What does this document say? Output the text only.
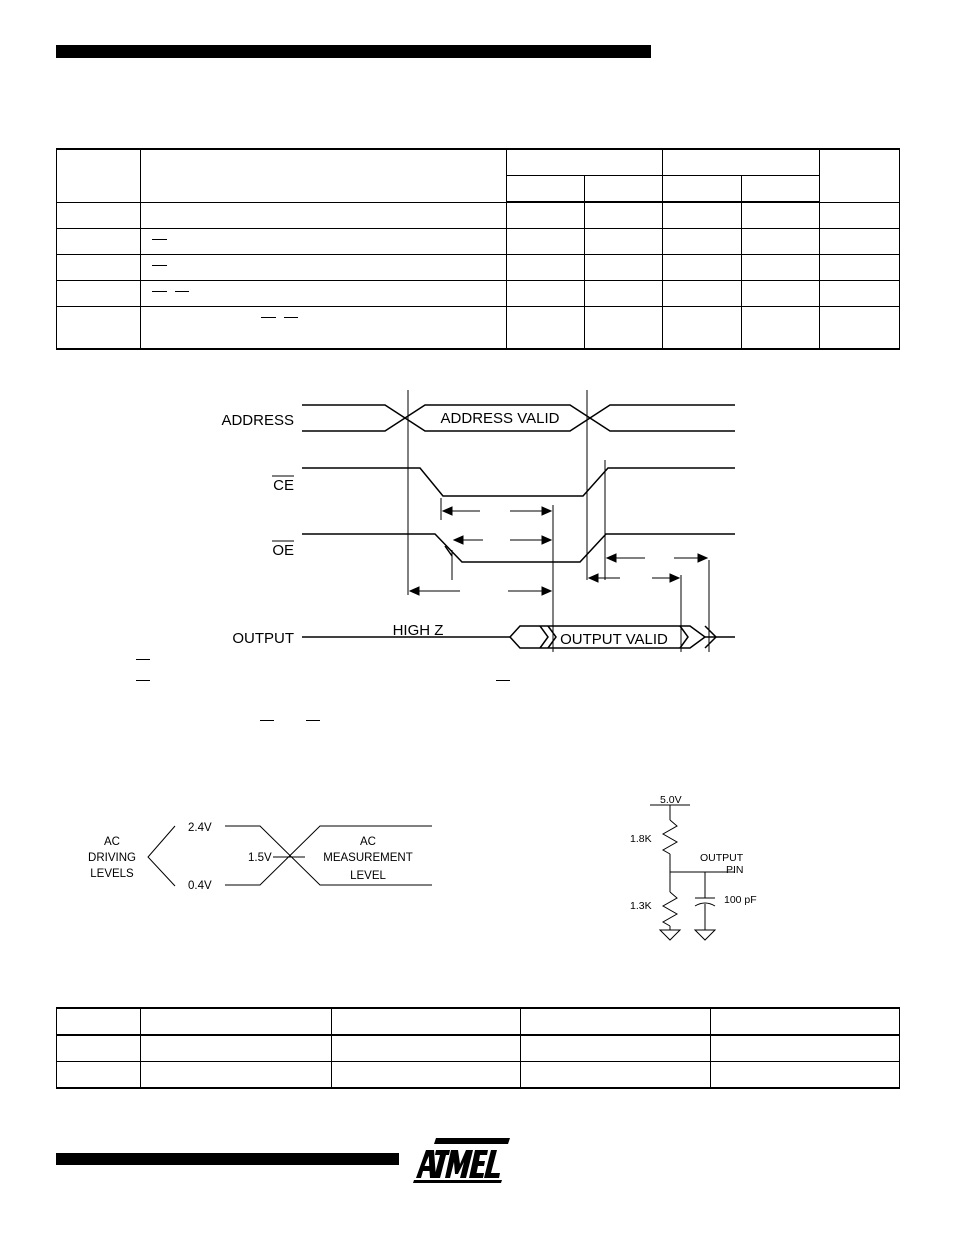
ADDRESS	ADDRESS VALID
CE
OE
OUTPUT	HIGH Z
OUTPUT VALID
AC
DRIVING
LEVELS
AC
MEASUREMENT
LEVEL
2.4V
0.4V
1.5V
5.0V
1.8K
1.3K
OUTPUT
PIN
100 pF
